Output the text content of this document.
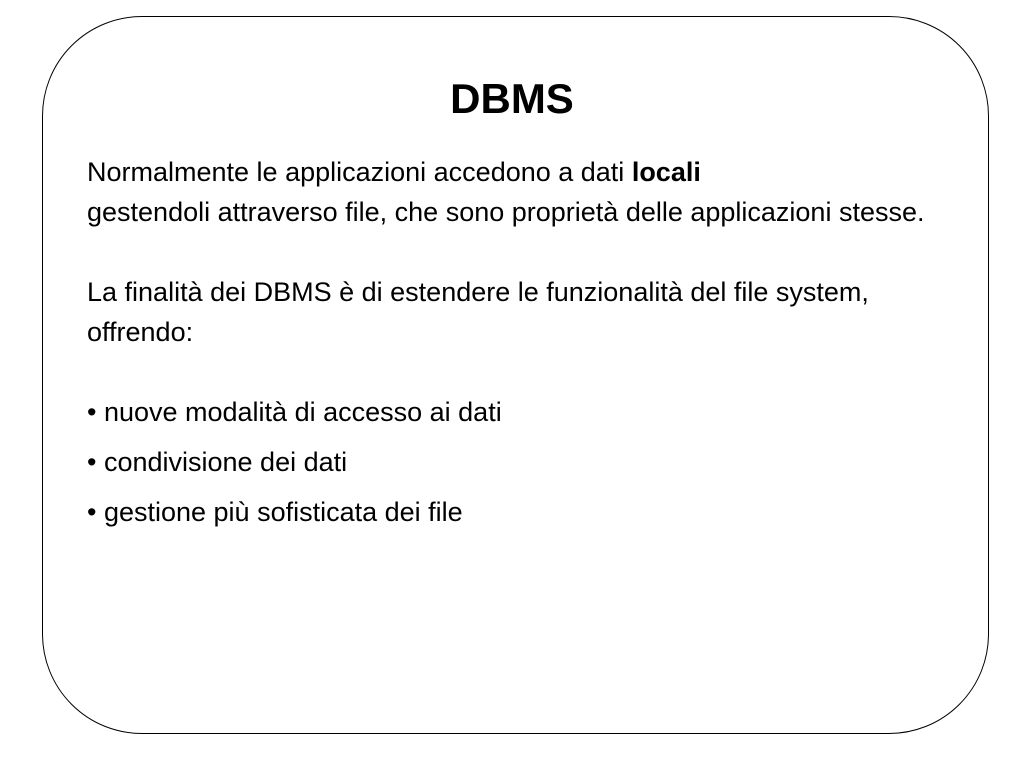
DBMS

Normalmente le applicazioni accedono a dati locali
gestendoli attraverso file, che sono proprietà delle applicazioni stesse.

La finalità dei DBMS è di estendere le funzionalità del file system, offrendo:

• nuove modalità di accesso ai dati

• condivisione dei dati

• gestione più sofisticata dei file
